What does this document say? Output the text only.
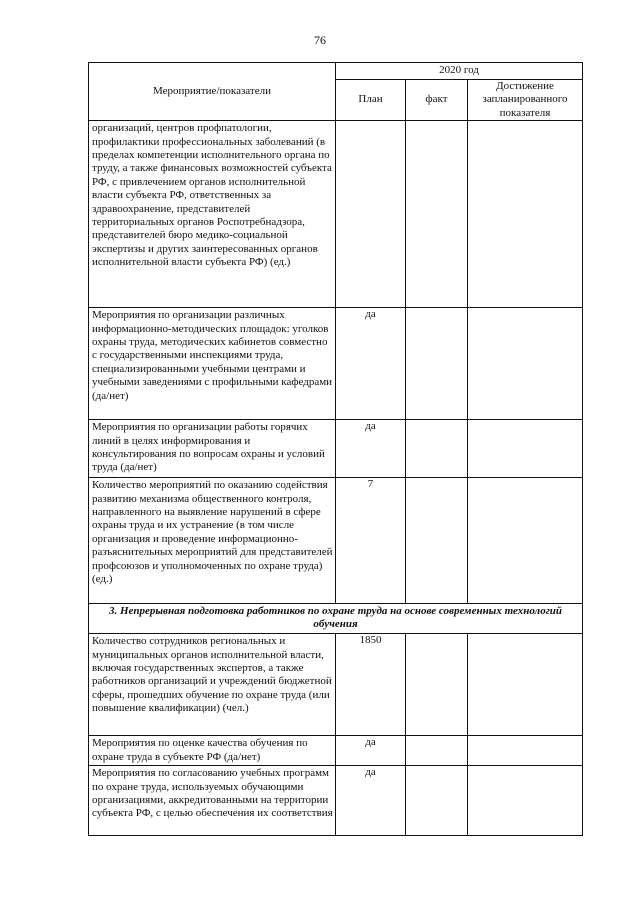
76
Мероприятие/показатели	2020 год		
	План	факт	Достижение запланированного показателя
организаций, центров профпатологии, профилактики профессиональных заболеваний (в пределах компетенции исполнительного органа по труду, а также финансовых возможностей субъекта РФ, с привлечением органов исполнительной власти субъекта РФ, ответственных за здравоохранение, представителей территориальных органов Роспотребнадзора, представителей бюро медико-социальной экспертизы и других заинтересованных органов исполнительной власти субъекта РФ) (ед.)			
Мероприятия по организации различных информационно-методических площадок: уголков охраны труда, методических кабинетов совместно с государственными инспекциями труда, специализированными учебными центрами и учебными заведениями с профильными кафедрами (да/нет)	да		
Мероприятия по организации работы горячих линий в целях информирования и консультирования по вопросам охраны и условий труда (да/нет)	да		
Количество мероприятий по оказанию содействия развитию механизма общественного контроля, направленного на выявление нарушений в сфере охраны труда и их устранение (в том числе организация и проведение информационно-разъяснительных мероприятий для представителей профсоюзов и уполномоченных по охране труда) (ед.)	7		
3. Непрерывная подготовка работников по охране труда на основе современных технологий обучения			
Количество сотрудников региональных и муниципальных органов исполнительной власти, включая государственных экспертов, а также работников организаций и учреждений бюджетной сферы, прошедших обучение по охране труда (или повышение квалификации) (чел.)	1850		
Мероприятия по оценке качества обучения по охране труда в субъекте РФ (да/нет)	да		
Мероприятия по согласованию учебных программ по охране труда, используемых обучающими организациями, аккредитованными на территории субъекта РФ, с целью обеспечения их соответствия	да		
